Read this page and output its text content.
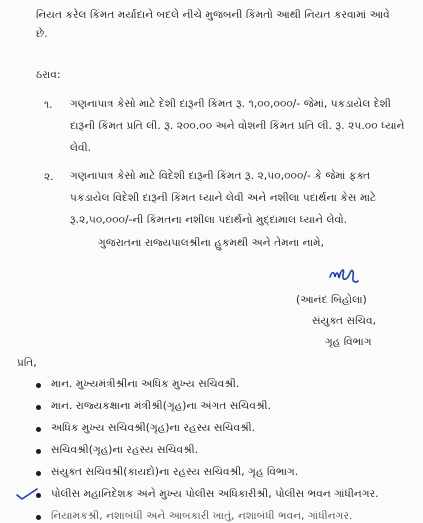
નિયત કરેલ કિંમત મર્યાદાને બદલે નીચે મુજબની કિંમતો આથી નિયત કરવામાં આવે
છે.
ઠરાવ:
૧. ગણનાપાત્ર કેસો માટે દેશી દારૂની કિંમત રૂ. ૧,૦૦,૦૦૦/- જેમાં, પકડાયેલ દેશી
દારૂની કિંમત પ્રતિ લી. રૂ. ૨૦૦.૦૦ અને વોશની કિંમત પ્રતિ લી. રૂ. ૨૫.૦૦ ધ્યાને
લેવી.
૨. ગણનાપાત્ર કેસો માટે વિદેશી દારૂની કિંમત રૂ. ૨,૫૦,૦૦૦/- કે જેમાં ફક્ત
પકડાયેલ વિદેશી દારૂની કિંમત ધ્યાને લેવી અને નશીલા પદાર્થના કેસ માટે
રૂ.૨,૫૦,૦૦૦/-ની કિંમતના નશીલા પદાર્થનો મુદ્દામાલ ધ્યાને લેવો.
ગુજરાતના રાજ્યપાલશ્રીના હુકમથી અને તેમના નામે,
(આનંદ બિહોલા)
સંયુક્ત સચિવ,
ગૃહ વિભાગ
પ્રતિ,
માન. મુખ્યમંત્રીશ્રીના અધિક મુખ્ય સચિવશ્રી.
માન. રાજ્યકક્ષાના મંત્રીશ્રી(ગૃહ)ના અંગત સચિવશ્રી.
અધિક મુખ્ય સચિવશ્રી(ગૃહ)ના રહસ્ય સચિવશ્રી.
સચિવશ્રી(ગૃહ)ના રહસ્ય સચિવશ્રી.
સંયુક્ત સચિવશ્રી(કાયદો)ના રહસ્ય સચિવશ્રી, ગૃહ વિભાગ.
પોલીસ મહાનિદેશક અને મુખ્ય પોલીસ અધિકારીશ્રી, પોલીસ ભવન ગાંધીનગર.
નિયામકશ્રી, નશાબંધી અને આબકારી ખાતું, નશાબંધી ભવન, ગાંધીનગર.
